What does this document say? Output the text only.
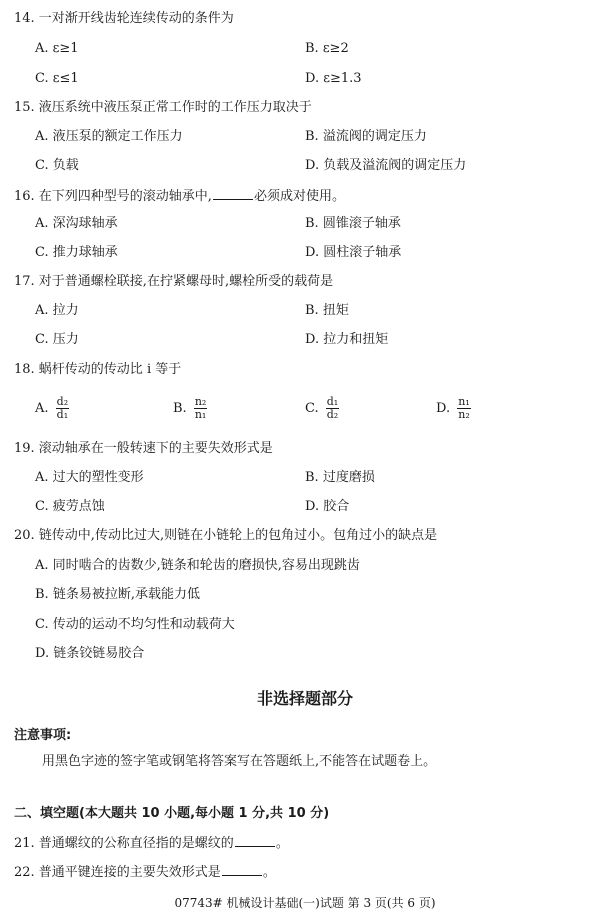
14. 一对渐开线齿轮连续传动的条件为
A. ε≥1	B. ε≥2
C. ε≤1	D. ε≥1.3
15. 液压系统中液压泵正常工作时的工作压力取决于
A. 液压泵的额定工作压力	B. 溢流阀的调定压力
C. 负载	D. 负载及溢流阀的调定压力
16. 在下列四种型号的滚动轴承中,	必须成对使用。
A. 深沟球轴承	B. 圆锥滚子轴承
C. 推力球轴承	D. 圆柱滚子轴承
17. 对于普通螺栓联接,在拧紧螺母时,螺栓所受的载荷是
A. 拉力	B. 扭矩
C. 压力	D. 拉力和扭矩
18. 蜗杆传动的传动比 i 等于
A. $\frac{\text{d₂}}{\text{d₁}}$	B. $\frac{\text{n₂}}{\text{n₁}}$	C. $\frac{\text{d₁}}{\text{d₂}}$	D. $\frac{\text{n₁}}{\text{n₂}}$
19. 滚动轴承在一般转速下的主要失效形式是
A. 过大的塑性变形	B. 过度磨损
C. 疲劳点蚀	D. 胶合
20. 链传动中,传动比过大,则链在小链轮上的包角过小。包角过小的缺点是
A. 同时啮合的齿数少,链条和轮齿的磨损快,容易出现跳齿
B. 链条易被拉断,承载能力低
C. 传动的运动不均匀性和动载荷大
D. 链条铰链易胶合
非选择题部分
注意事项:
用黑色字迹的签字笔或钢笔将答案写在答题纸上,不能答在试题卷上。
二、填空题(本大题共 10 小题,每小题 1 分,共 10 分)
21. 普通螺纹的公称直径指的是螺纹的	。
22. 普通平键连接的主要失效形式是	。
07743# 机械设计基础(一)试题 第 3 页(共 6 页)
